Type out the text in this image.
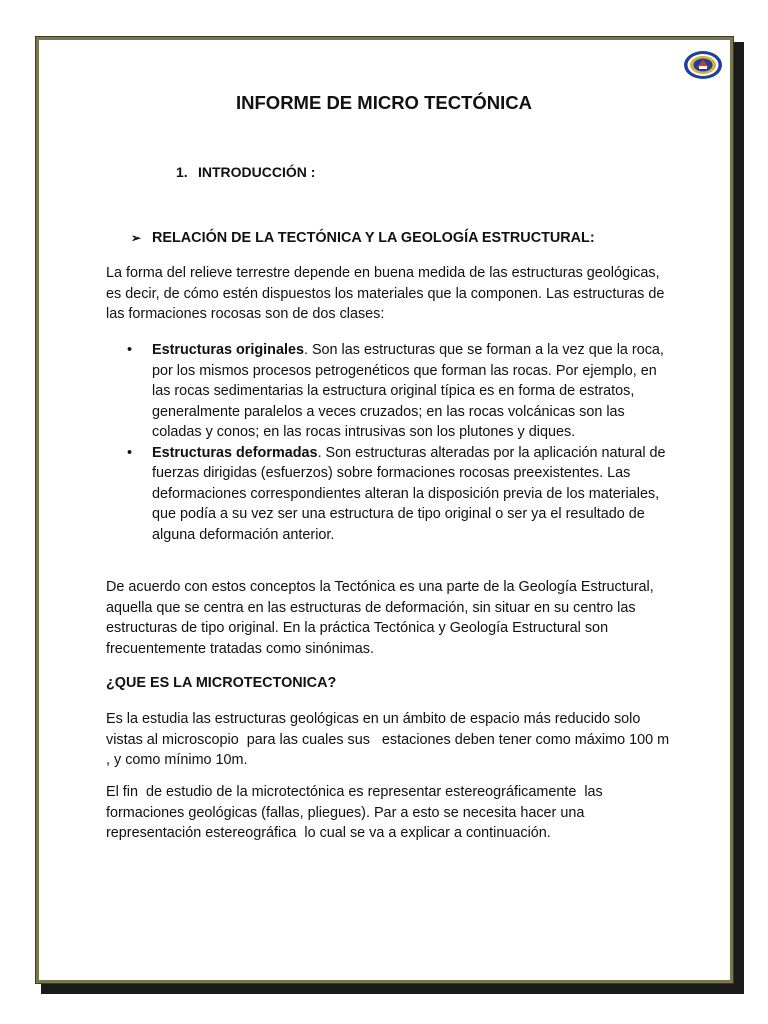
INFORME DE MICRO TECTÓNICA
1. INTRODUCCIÓN :
➢ RELACIÓN DE LA TECTÓNICA Y LA GEOLOGÍA ESTRUCTURAL:
La forma del relieve terrestre depende en buena medida de las estructuras geológicas, es decir, de cómo estén dispuestos los materiales que la componen. Las estructuras de las formaciones rocosas son de dos clases:
•	Estructuras originales. Son las estructuras que se forman a la vez que la roca, por los mismos procesos petrogenéticos que forman las rocas. Por ejemplo, en las rocas sedimentarias la estructura original típica es en forma de estratos, generalmente paralelos a veces cruzados; en las rocas volcánicas son las coladas y conos; en las rocas intrusivas son los plutones y diques.
•	Estructuras deformadas. Son estructuras alteradas por la aplicación natural de fuerzas dirigidas (esfuerzos) sobre formaciones rocosas preexistentes. Las deformaciones correspondientes alteran la disposición previa de los materiales, que podía a su vez ser una estructura de tipo original o ser ya el resultado de alguna deformación anterior.
De acuerdo con estos conceptos la Tectónica es una parte de la Geología Estructural, aquella que se centra en las estructuras de deformación, sin situar en su centro las estructuras de tipo original. En la práctica Tectónica y Geología Estructural son frecuentemente tratadas como sinónimas.
¿QUE ES LA MICROTECTONICA?
Es la estudia las estructuras geológicas en un ámbito de espacio más reducido solo vistas al microscopio  para las cuales sus   estaciones deben tener como máximo 100 m , y como mínimo 10m.
El fin  de estudio de la microtectónica es representar estereográficamente  las formaciones geológicas (fallas, pliegues). Par a esto se necesita hacer una representación estereográfica  lo cual se va a explicar a continuación.
